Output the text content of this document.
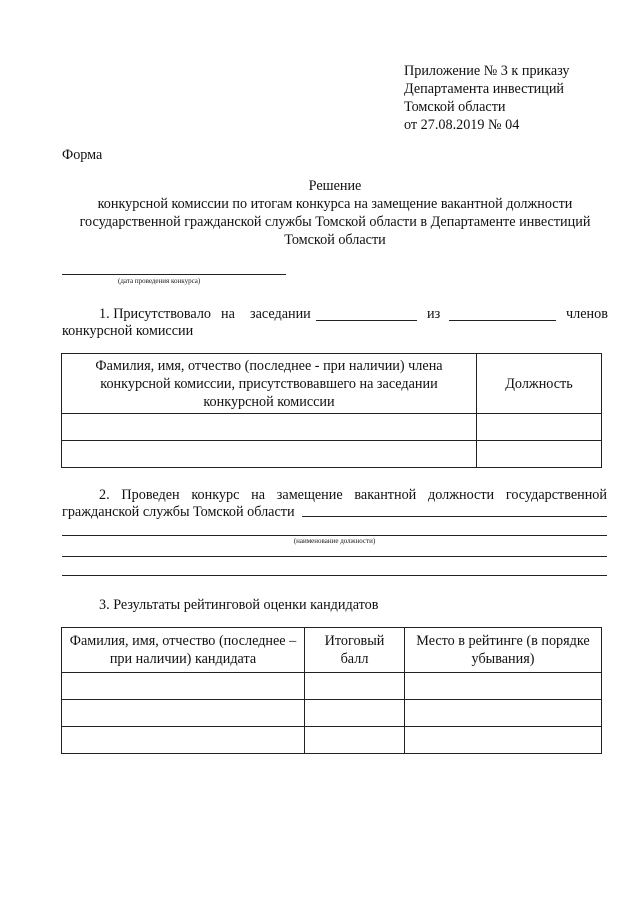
Приложение № 3 к приказу
Департамента инвестиций
Томской области
от 27.08.2019 № 04
Форма
Решение
конкурсной комиссии по итогам конкурса на замещение вакантной должности
государственной гражданской службы Томской области в Департаменте инвестиций
Томской области
(дата проведения конкурса)
1. Присутствовало на заседании	из	членов
конкурсной комиссии
Фамилия, имя, отчество (последнее - при наличии) члена конкурсной комиссии, присутствовавшего на заседании конкурсной комиссии	Должность

2. Проведен конкурс на замещение вакантной должности государственной
гражданской службы Томской области
(наименование должности)
3. Результаты рейтинговой оценки кандидатов
Фамилия, имя, отчество (последнее – при наличии) кандидата	Итоговый балл	Место в рейтинге (в порядке убывания)
